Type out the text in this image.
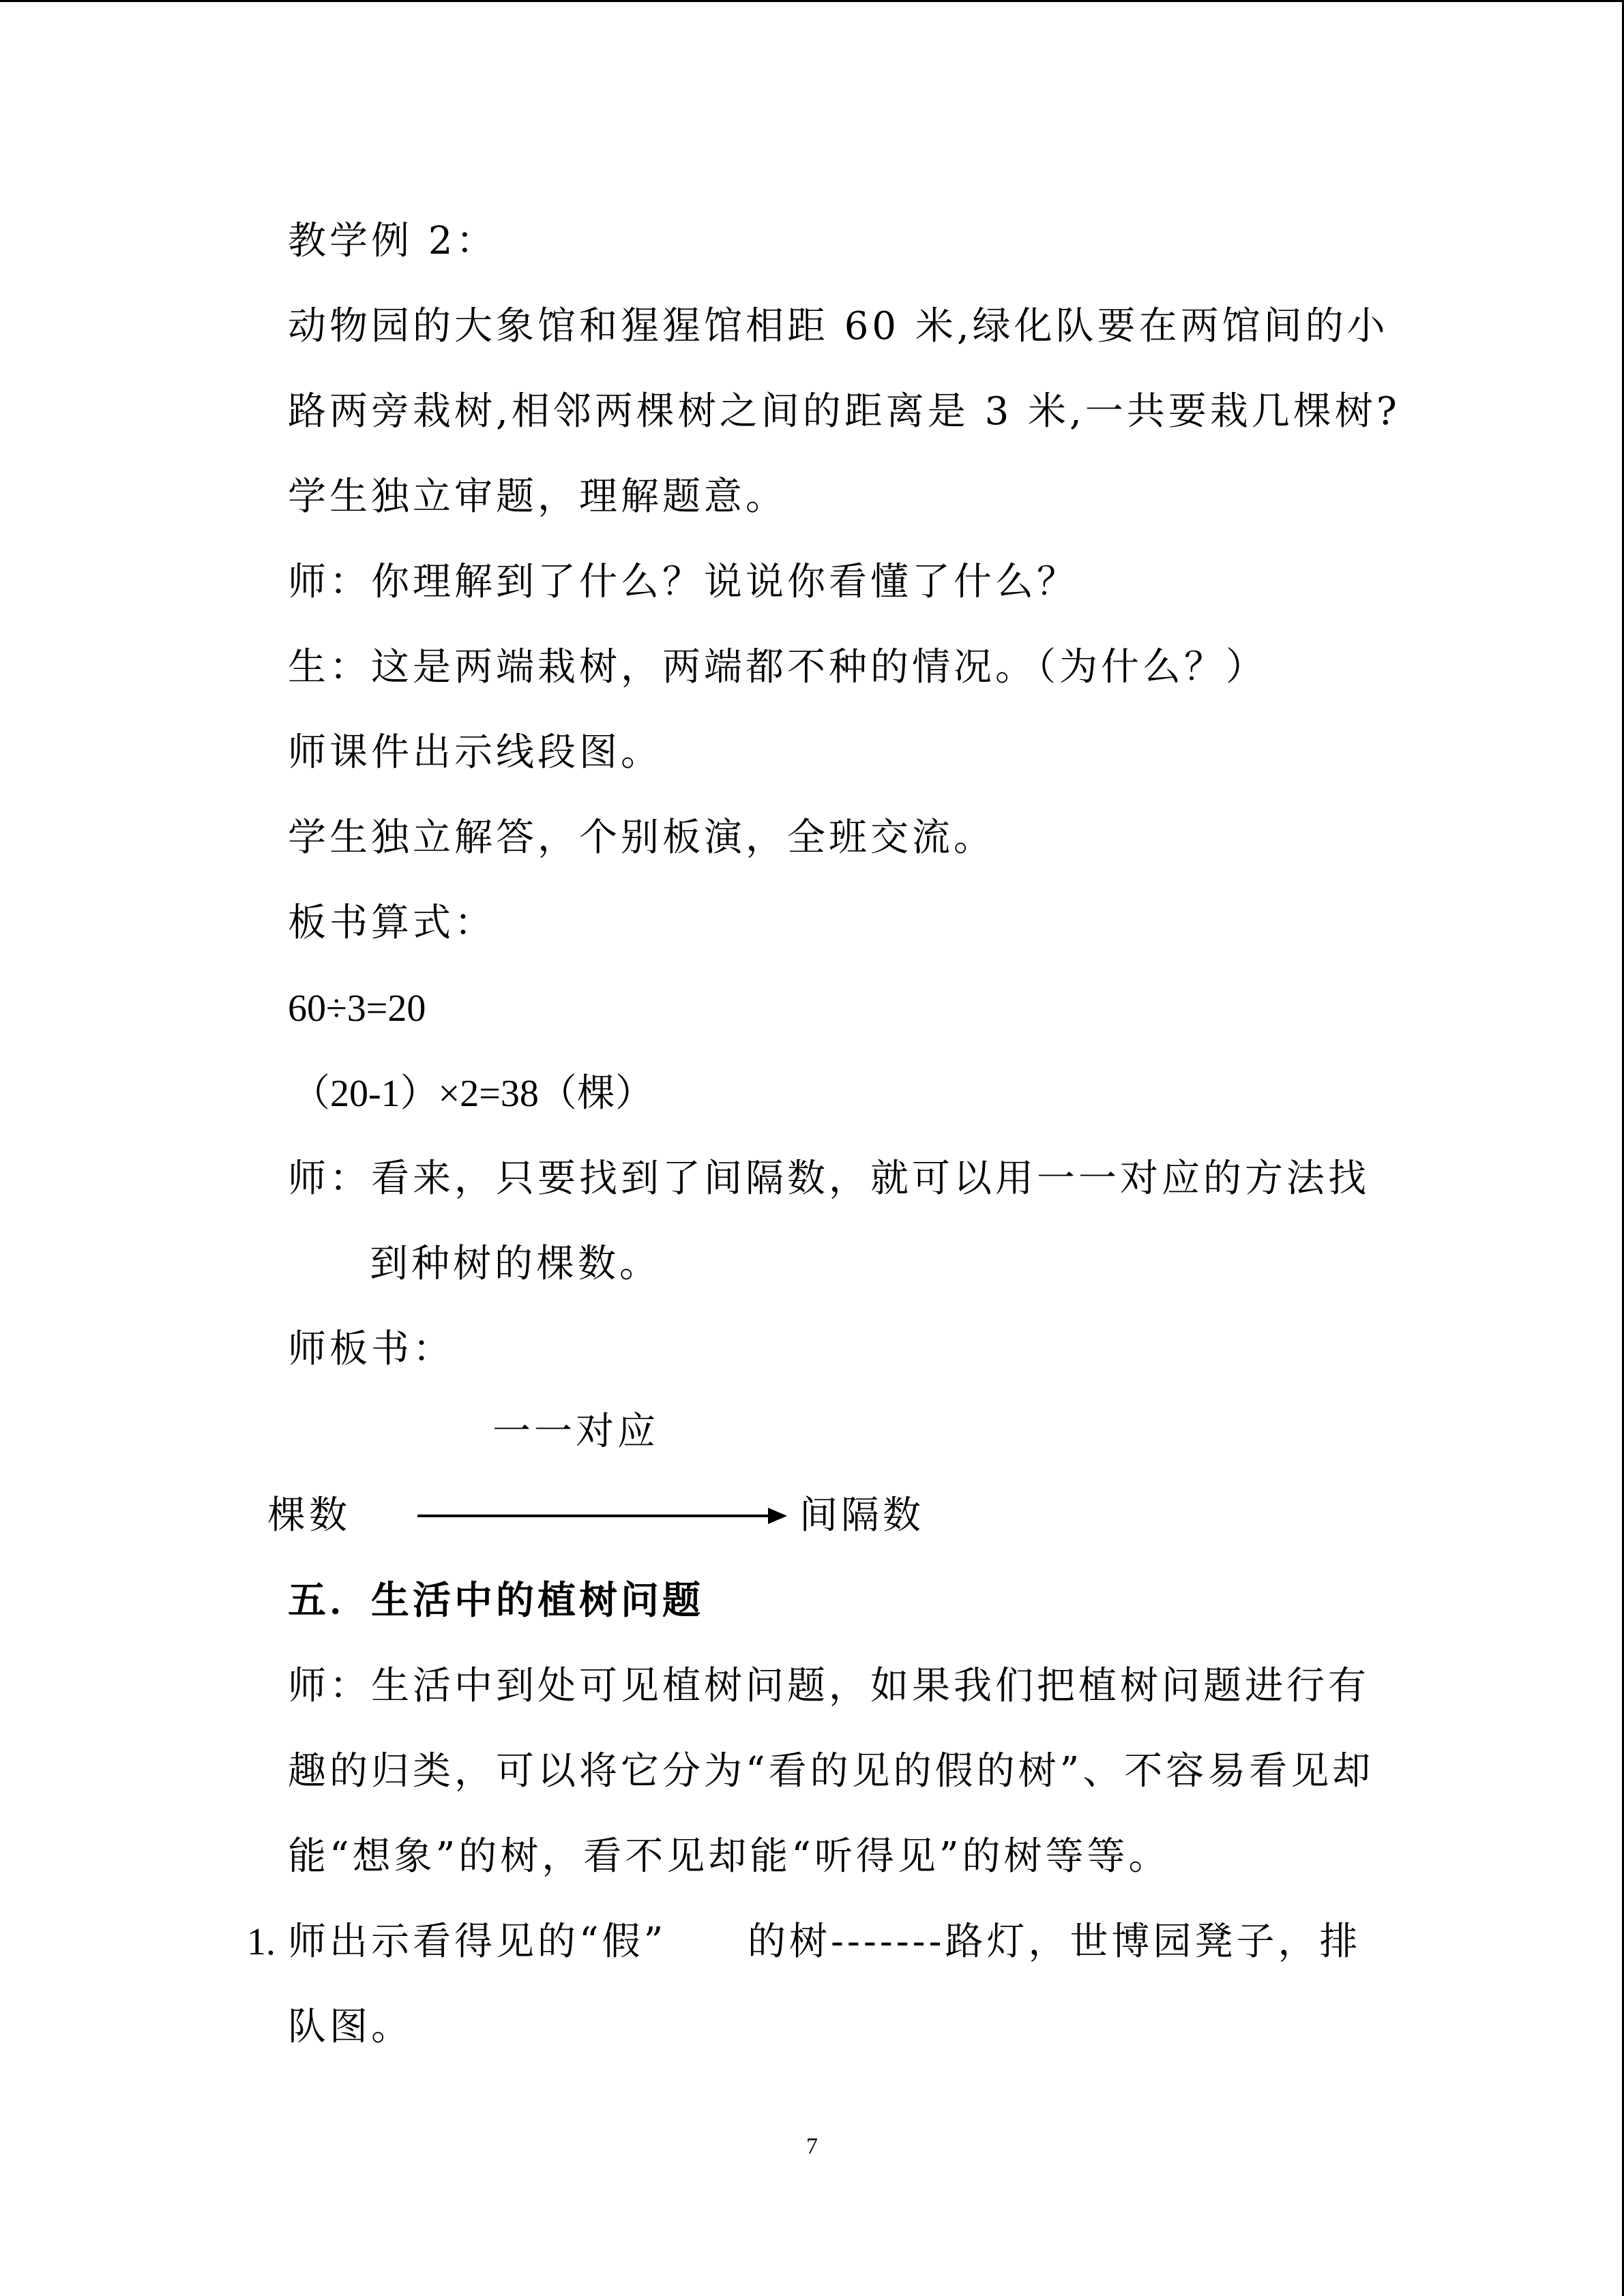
教学例 2：
动物园的大象馆和猩猩馆相距 60 米,绿化队要在两馆间的小
路两旁栽树,相邻两棵树之间的距离是 3 米,一共要栽几棵树?
学生独立审题，理解题意。
师：你理解到了什么？说说你看懂了什么？
生：这是两端栽树，两端都不种的情况。（为什么？）
师课件出示线段图。
学生独立解答，个别板演，全班交流。
板书算式：
60÷3=20
（20-1）×2=38（棵）
师：看来，只要找到了间隔数，就可以用一一对应的方法找
到种树的棵数。
师板书：
一一对应
棵数	间隔数
五．生活中的植树问题
师：生活中到处可见植树问题，如果我们把植树问题进行有
趣的归类，可以将它分为“看的见的假的树”、不容易看见却
能“想象”的树，看不见却能“听得见”的树等等。
1. 师出示看得见的“假” 的树-------路灯，世博园凳子，排
队图。
7
